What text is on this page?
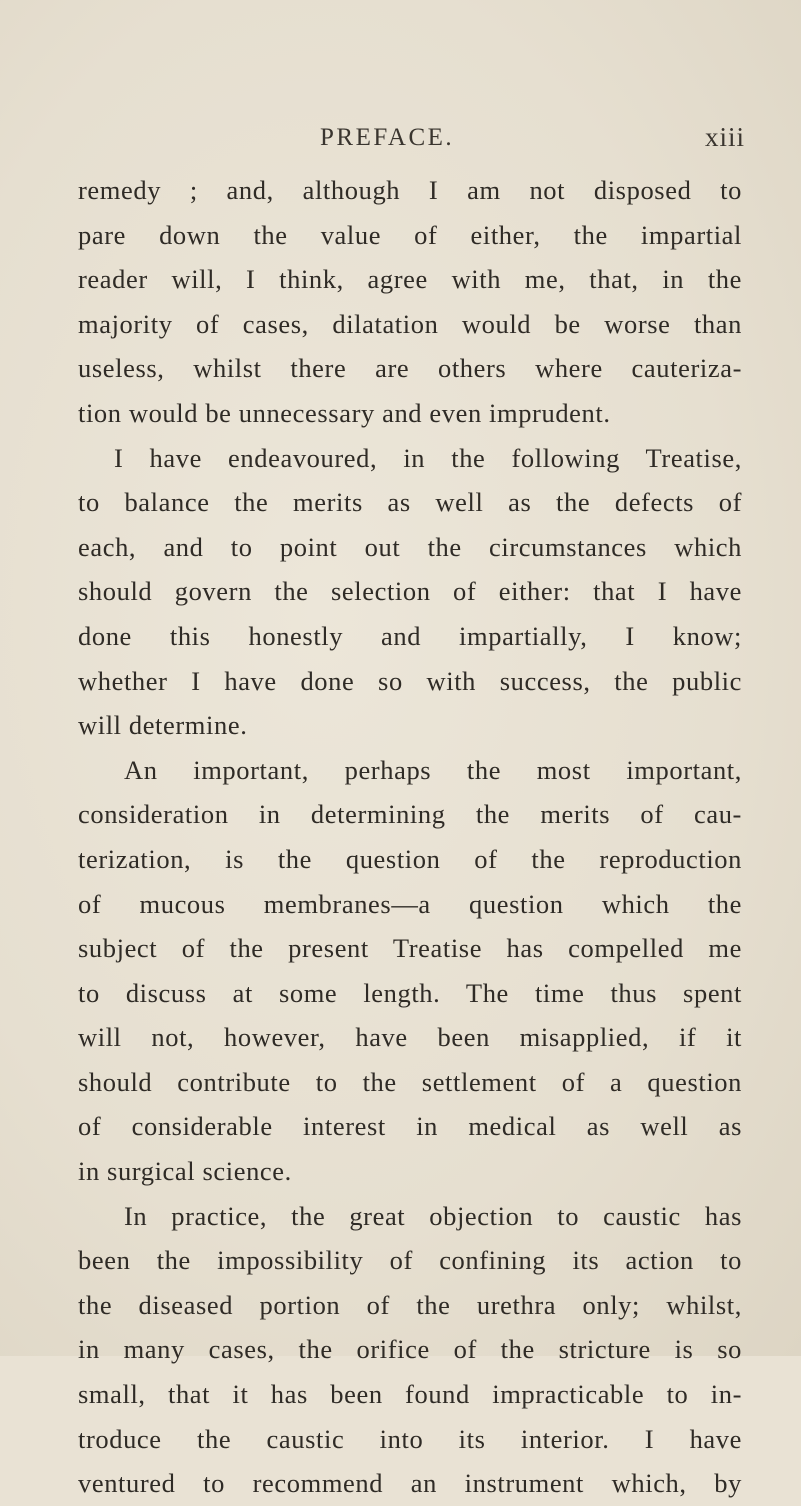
PREFACE.	xiii
remedy ; and, although I am not disposed to
pare down the value of either, the impartial
reader will, I think, agree with me, that, in the
majority of cases, dilatation would be worse than
useless, whilst there are others where cauteriza-
tion would be unnecessary and even imprudent.
I have endeavoured, in the following Treatise,
to balance the merits as well as the defects of
each, and to point out the circumstances which
should govern the selection of either: that I have
done this honestly and impartially, I know;
whether I have done so with success, the public
will determine.
An important, perhaps the most important,
consideration in determining the merits of cau-
terization, is the question of the reproduction
of mucous membranes—a question which the
subject of the present Treatise has compelled me
to discuss at some length. The time thus spent
will not, however, have been misapplied, if it
should contribute to the settlement of a question
of considerable interest in medical as well as
in surgical science.
In practice, the great objection to caustic has
been the impossibility of confining its action to
the diseased portion of the urethra only; whilst,
in many cases, the orifice of the stricture is so
small, that it has been found impracticable to in-
troduce the caustic into its interior. I have
ventured to recommend an instrument which, by
